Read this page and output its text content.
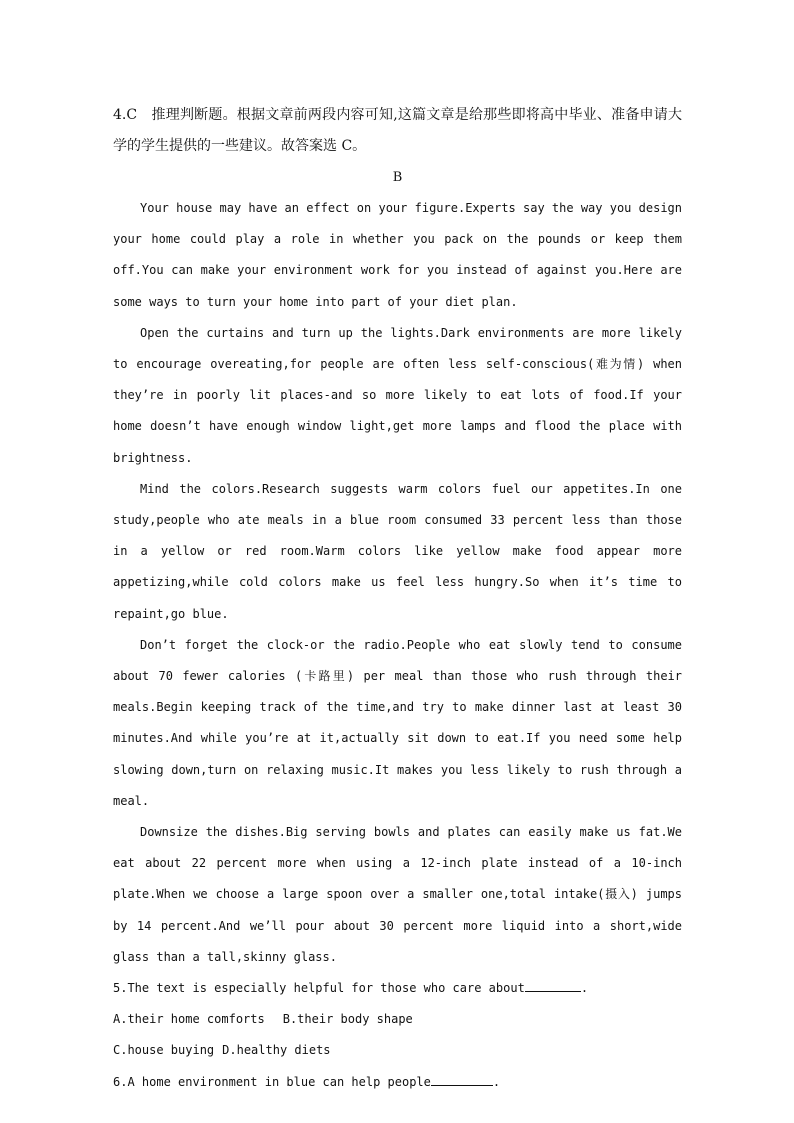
4.C　推理判断题。根据文章前两段内容可知,这篇文章是给那些即将高中毕业、准备申请大学的学生提供的一些建议。故答案选 C。

B

Your house may have an effect on your figure.Experts say the way you design your home could play a role in whether you pack on the pounds or keep them off.You can make your environment work for you instead of against you.Here are some ways to turn your home into part of your diet plan.

Open the curtains and turn up the lights.Dark environments are more likely to encourage overeating,for people are often less self-conscious(难为情) when they’re in poorly lit places-and so more likely to eat lots of food.If your home doesn’t have enough window light,get more lamps and flood the place with brightness.

Mind the colors.Research suggests warm colors fuel our appetites.In one study,people who ate meals in a blue room consumed 33 percent less than those in a yellow or red room.Warm colors like yellow make food appear more appetizing,while cold colors make us feel less hungry.So when it’s time to repaint,go blue.

Don’t forget the clock-or the radio.People who eat slowly tend to consume about 70 fewer calories (卡路里) per meal than those who rush through their meals.Begin keeping track of the time,and try to make dinner last at least 30 minutes.And while you’re at it,actually sit down to eat.If you need some help slowing down,turn on relaxing music.It makes you less likely to rush through a meal.

Downsize the dishes.Big serving bowls and plates can easily make us fat.We eat about 22 percent more when using a 12-inch plate instead of a 10-inch plate.When we choose a large spoon over a smaller one,total intake(摄入) jumps by 14 percent.And we’ll pour about 30 percent more liquid into a short,wide glass than a tall,skinny glass.

5.The text is especially helpful for those who care about	.

A.their home comforts B.their body shape

C.house buying D.healthy diets

6.A home environment in blue can help people	.
